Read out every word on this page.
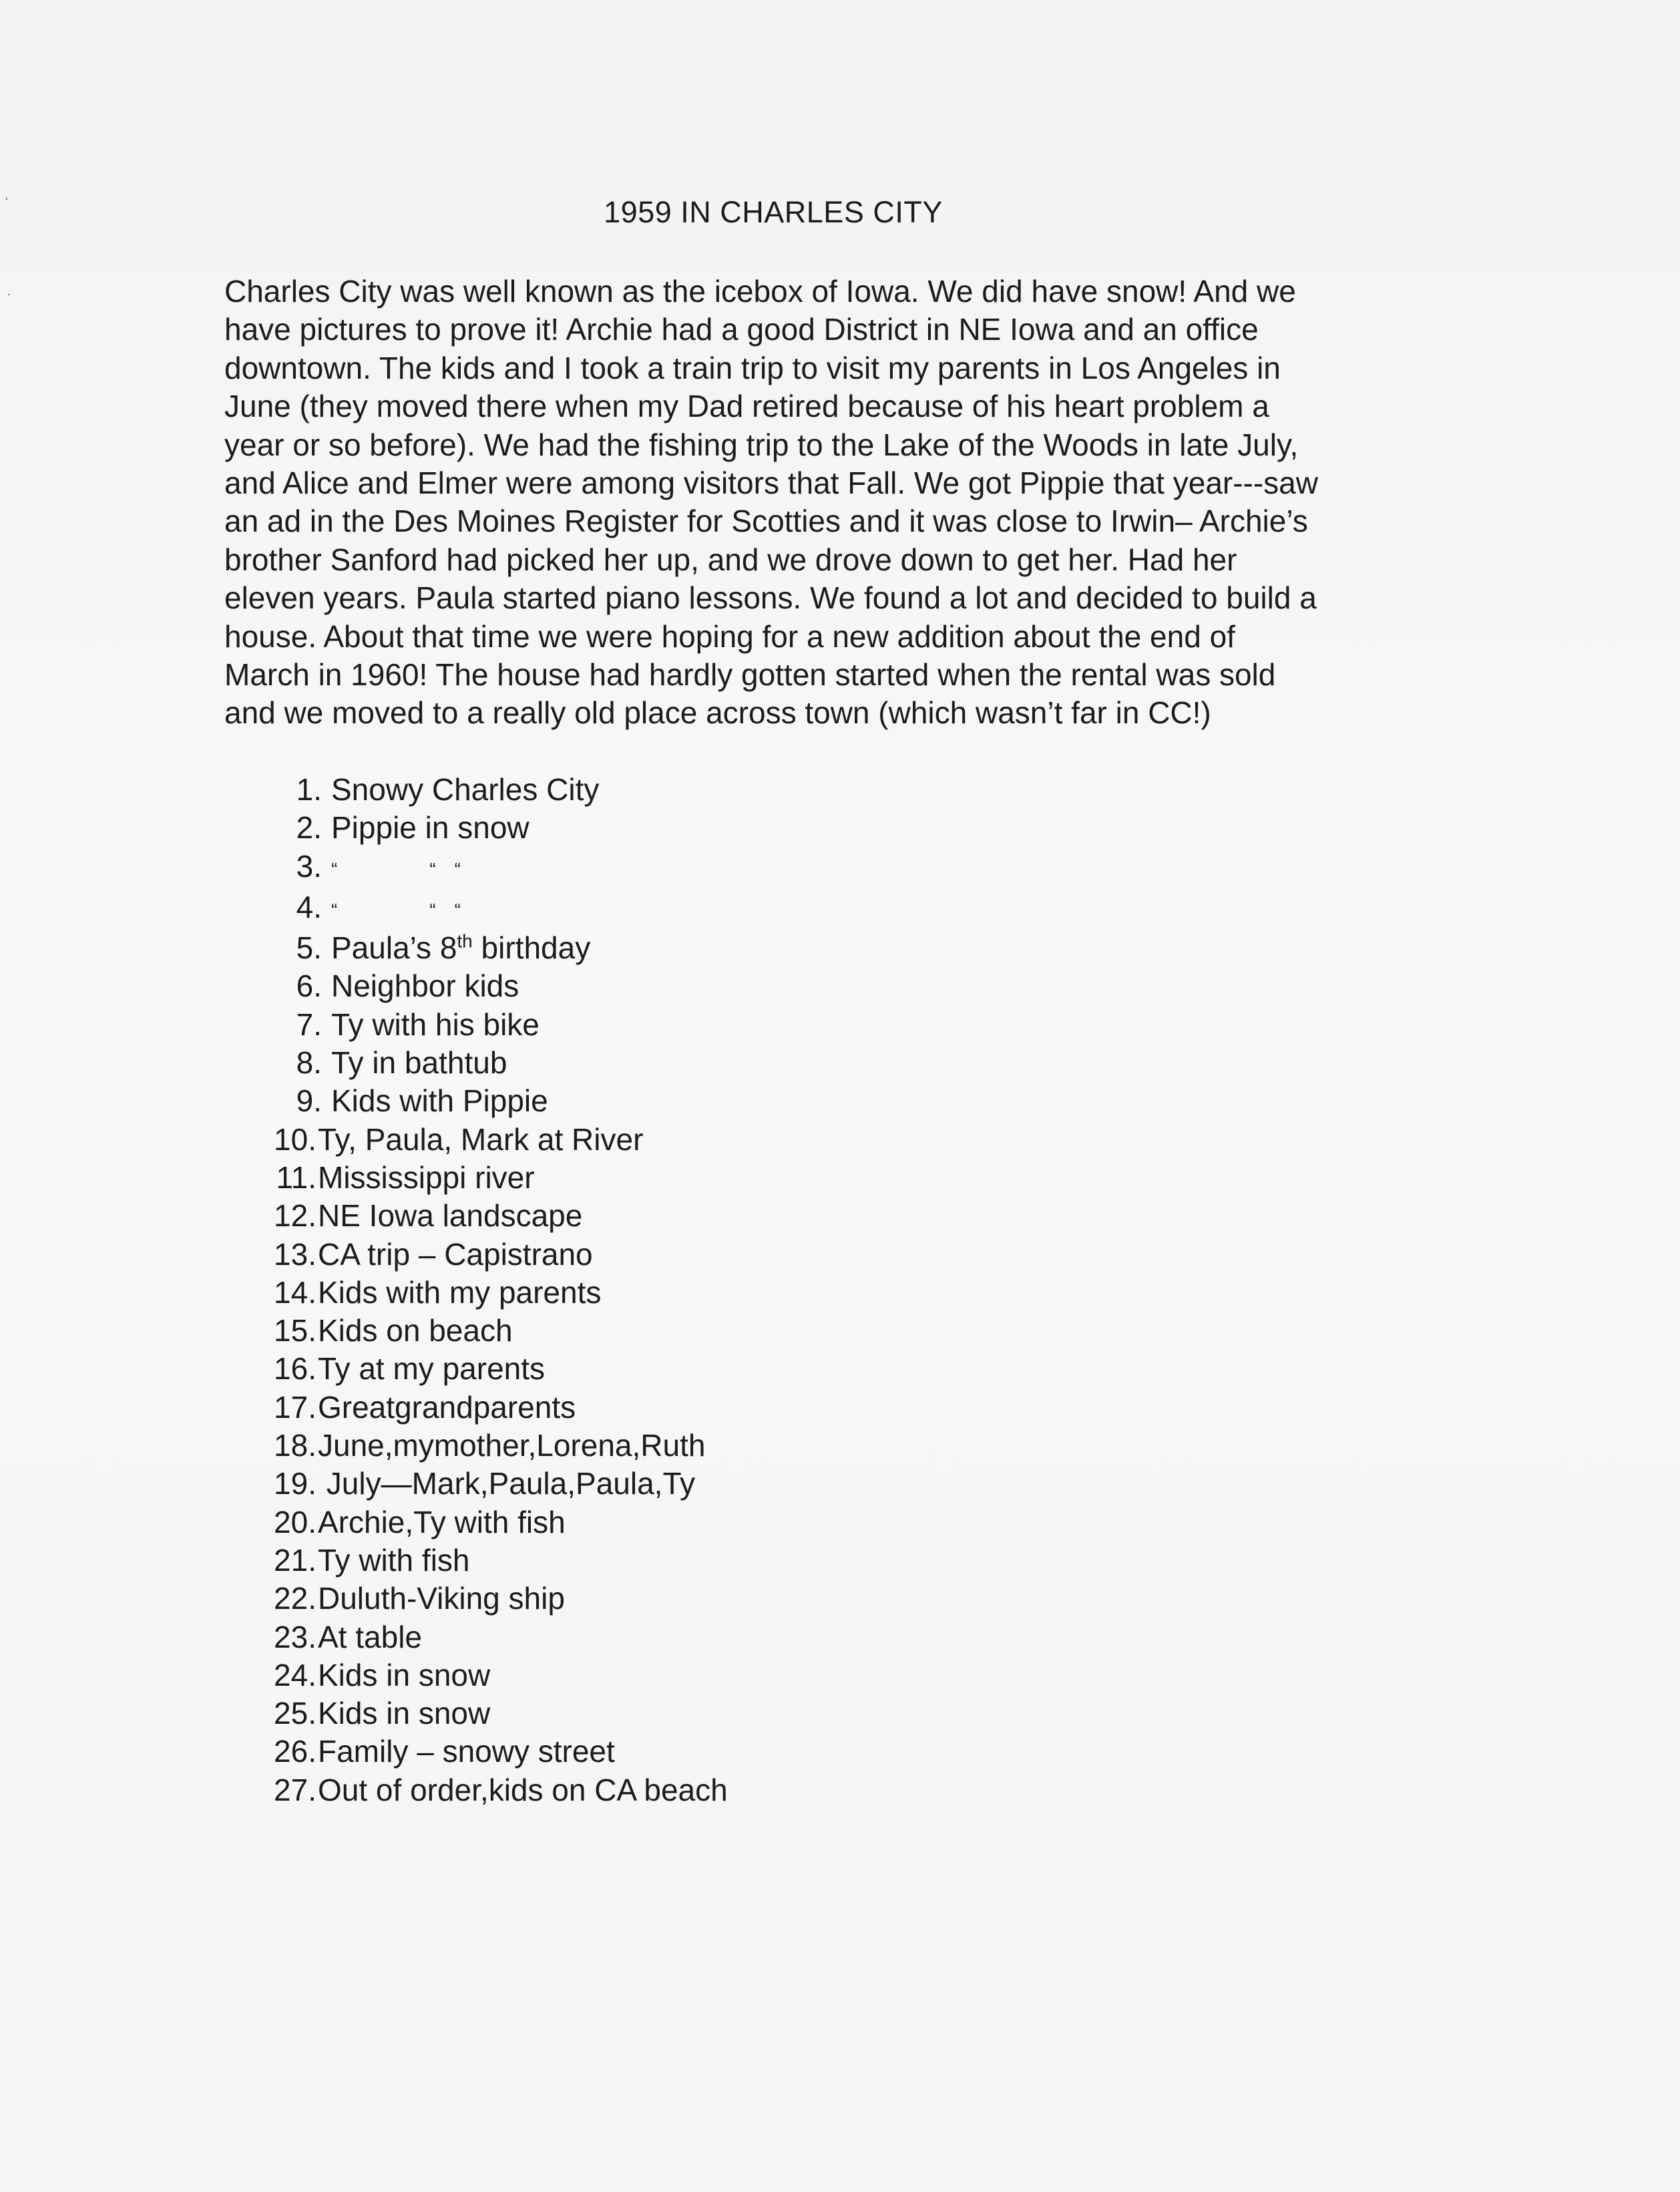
‘
·
1959 IN CHARLES CITY

Charles City was well known as the icebox of Iowa. We did have snow! And we
have pictures to prove it! Archie had a good District in NE Iowa and an office
downtown. The kids and I took a train trip to visit my parents in Los Angeles in
June (they moved there when my Dad retired because of his heart problem a
year or so before). We had the fishing trip to the Lake of the Woods in late July,
and Alice and Elmer were among visitors that Fall. We got Pippie that year---saw
an ad in the Des Moines Register for Scotties and it was close to Irwin– Archie’s
brother Sanford had picked her up, and we drove down to get her. Had her
eleven years. Paula started piano lessons. We found a lot and decided to build a
house. About that time we were hoping for a new addition about the end of
March in 1960! The house had hardly gotten started when the rental was sold
and we moved to a really old place across town (which wasn’t far in CC!)

1. Snowy Charles City
2. Pippie in snow
3. “	“ “
4. “	“ “
5. Paula’s 8th birthday
6. Neighbor kids
7. Ty with his bike
8. Ty in bathtub
9. Kids with Pippie
10. Ty, Paula, Mark at River
11. Mississippi river
12. NE Iowa landscape
13. CA trip – Capistrano
14. Kids with my parents
15. Kids on beach
16. Ty at my parents
17. Greatgrandparents
18. June,mymother,Lorena,Ruth
19. July—Mark,Paula,Paula,Ty
20. Archie,Ty with fish
21. Ty with fish
22. Duluth-Viking ship
23. At table
24. Kids in snow
25. Kids in snow
26. Family – snowy street
27. Out of order,kids on CA beach
